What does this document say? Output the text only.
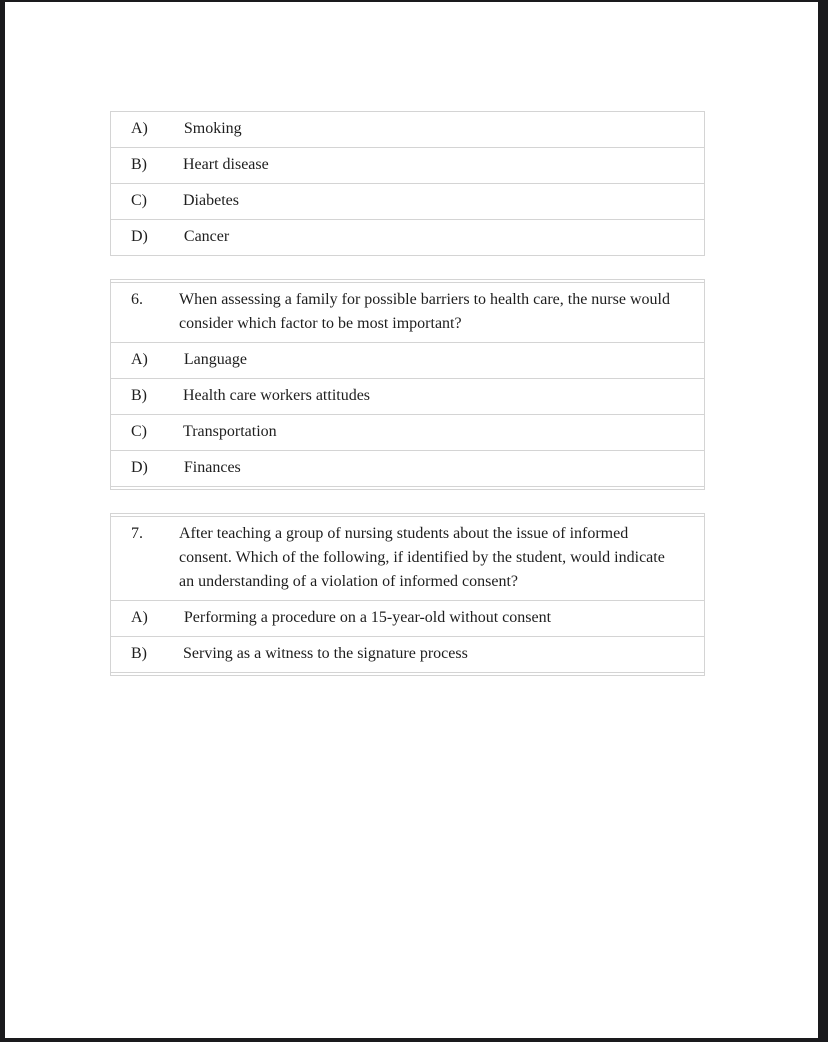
A)	Smoking
B)	Heart disease
C)	Diabetes
D)	Cancer
6.	When assessing a family for possible barriers to health care, the nurse would consider which factor to be most important?
A)	Language
B)	Health care workers attitudes
C)	Transportation
D)	Finances
7.	After teaching a group of nursing students about the issue of informed consent. Which of the following, if identified by the student, would indicate an understanding of a violation of informed consent?
A)	Performing a procedure on a 15-year-old without consent
B)	Serving as a witness to the signature process
